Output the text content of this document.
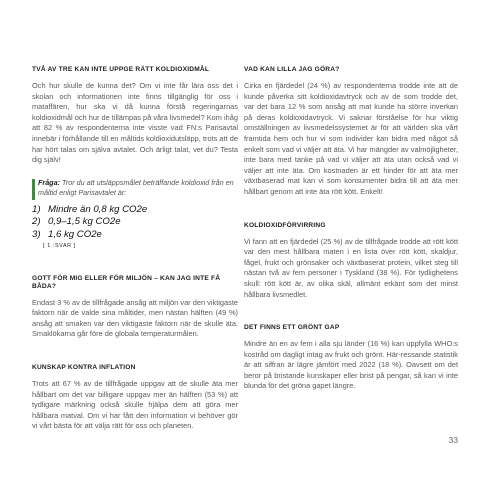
TVÅ AV TRE KAN INTE UPPGE RÄTT KOLDIOXIDMÅL

Och hur skulle de kunna det? Om vi inte får lära oss det i skolan och informationen inte finns tillgänglig för oss i mataffären, hur ska vi då kunna förstå regeringarnas koldioxidmål och hur de tillämpas på våra livsmedel? Kom ihåg att 82 % av respondenterna inte visste vad FN:s Parisavtal innebär i förhållande till en måltids koldioxidutsläpp, trots att de har hört talas om själva avtalet. Och ärligt talat, vet du? Testa dig själv!

Fråga: Tror du att utsläppsmålet beträffande koldioxid från en måltid enligt Parisavtalet är:
1) Mindre än 0,8 kg CO2e
2) 0,9–1,5 kg CO2e
3) 1,6 kg CO2e
[ 1 :SVAR ]
GOTT FÖR MIG ELLER FÖR MILJÖN – KAN JAG INTE FÅ BÅDA?

Endast 3 % av de tillfrågade ansåg att miljön var den viktigaste faktorn när de valde sina måltider, men nästan hälften (49 %) ansåg att smaken var den viktigaste faktorn när de skulle äta. Smaklökarna går före de globala temperaturmålen.

KUNSKAP KONTRA INFLATION

Trots att 67 % av de tillfrågade uppgav att de skulle äta mer hållbart om det var billigare uppgav mer än hälften (53 %) att tydligare märkning också skulle hjälpa dem att göra mer hållbara matval. Om vi har fått den information vi behöver gör vi vårt bästa för att välja rätt för oss och planeten.

VAD KAN LILLA JAG GÖRA?

Cirka en fjärdedel (24 %) av respondenterna trodde inte att de kunde påverka sitt koldioxidavtryck och av de som trodde det, var det bara 12 % som ansåg att mat kunde ha större inverkan på deras koldioxidavtryck. Vi saknar förståelse för hur viktig omställningen av livsmedelssystemet är för att världen ska vårt framtida hem och hur vi som individer kan bidra med något så enkelt som vad vi väljer att äta. Vi har mängder av valmöjligheter, inte bara med tanke på vad vi väljer att äta utan också vad vi väljer att inte äta. Om kostnaden är ett hinder för att äta mer växtbaserad mat kan vi som konsumenter bidra till att äta mer hållbart genom att inte äta rött kött. Enkelt!

KOLDIOXIDFÖRVIRRING

Vi fann att en fjärdedel (25 %) av de tillfrågade trodde att rött kött var den mest hållbara maten i en lista över rött kött, skaldjur, fågel, frukt och grönsaker och växtbaserat protein, vilket steg till nästan två av fem personer i Tyskland (38 %). För tydlighetens skull: rött kött är, av olika skäl, allmänt erkänt som det minst hållbara livsmedlet.

DET FINNS ETT GRÖNT GAP

Mindre än en av fem i alla sju länder (16 %) kan uppfylla WHO:s kostråd om dagligt intag av frukt och grönt. Här-ressande statistik är att siffran är lägre jämfört med 2022 (18 %). Oavsett om det beror på bristande kunskaper eller brist på pengar, så kan vi inte blunda för det gröna gapet längre.

33
